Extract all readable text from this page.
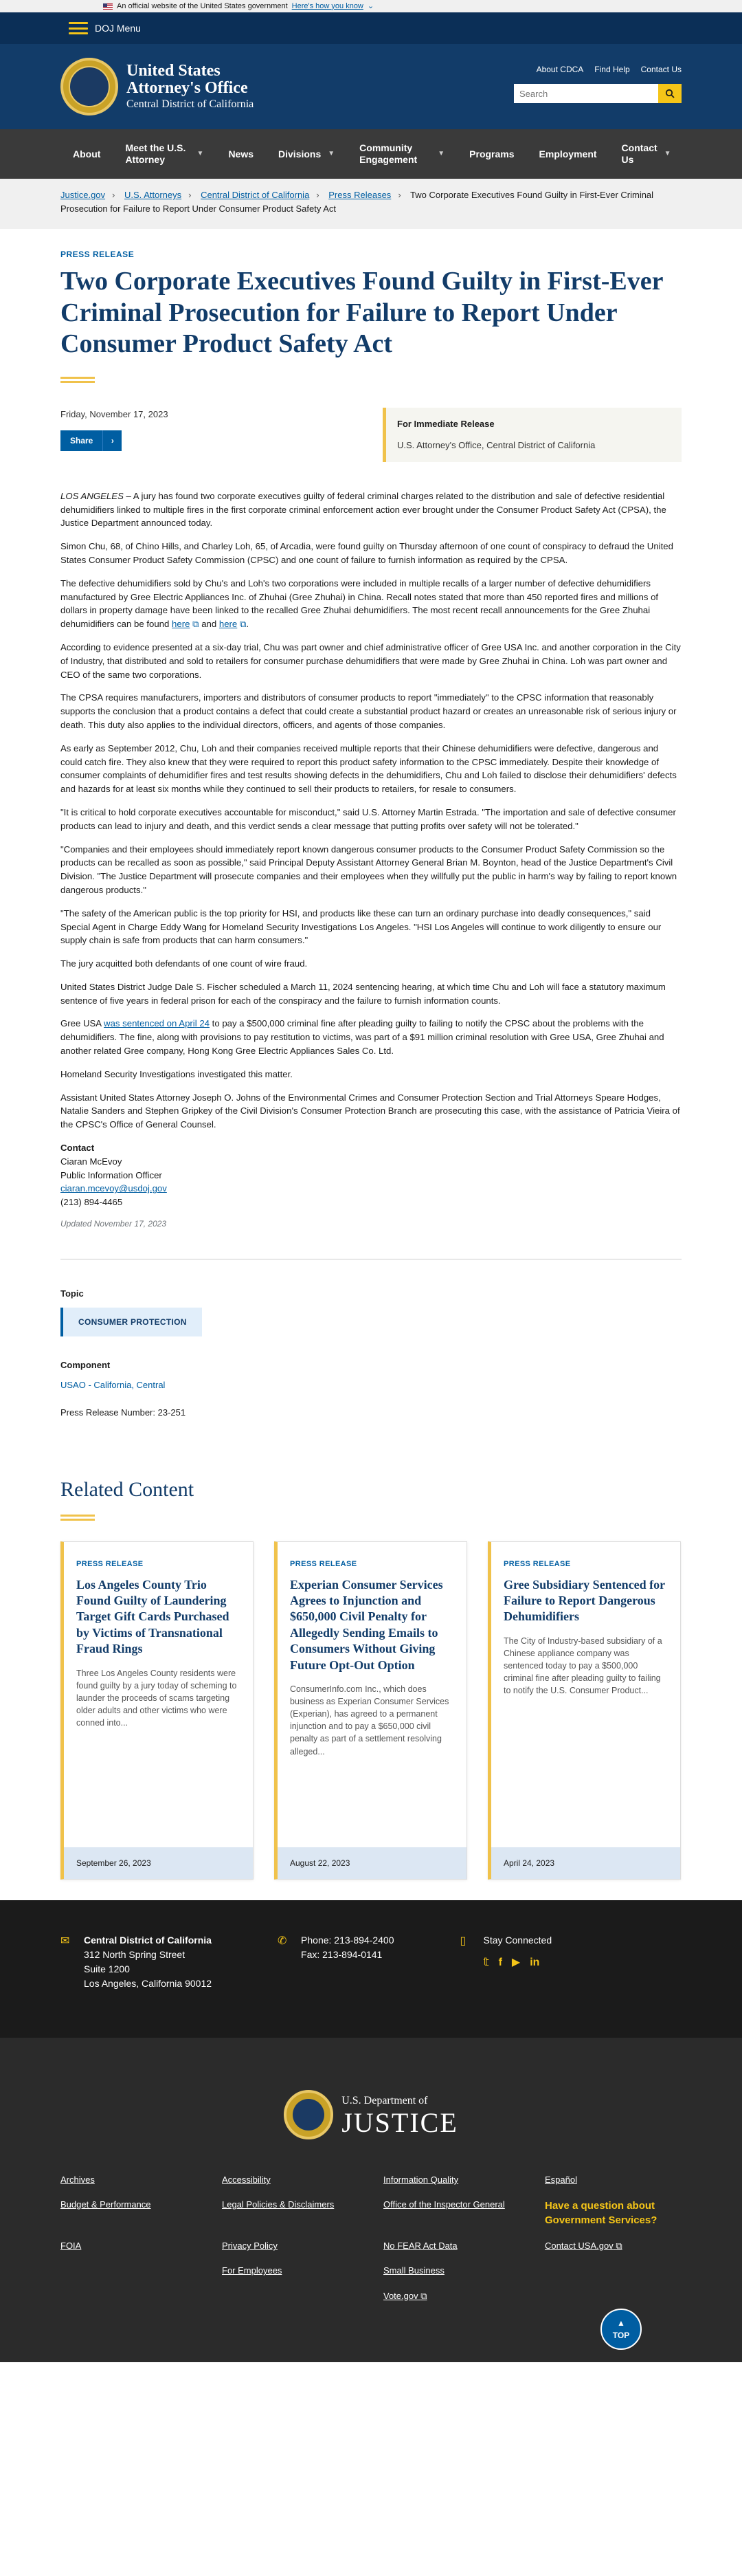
An official website of the United States government Here's how you know ⌄
DOJ Menu
United States
Attorney's Office
Central District of California
About CDCA Find Help Contact Us
Search
About
Meet the U.S. Attorney
▼	News	Divisions ▼
Community Engagement
▼	Programs	Employment
Contact Us
▼
Justice.gov › U.S. Attorneys › Central District of California › Press Releases › Two Corporate Executives Found Guilty in First-Ever Criminal Prosecution for Failure to Report Under Consumer Product Safety Act
PRESS RELEASE
Two Corporate Executives Found Guilty in First-Ever Criminal Prosecution for Failure to Report Under Consumer Product Safety Act
Friday, November 17, 2023
Share	›
For Immediate Release
U.S. Attorney's Office, Central District of California

LOS ANGELES – A jury has found two corporate executives guilty of federal criminal charges related to the distribution and sale of defective residential dehumidifiers linked to multiple fires in the first corporate criminal enforcement action ever brought under the Consumer Product Safety Act (CPSA), the Justice Department announced today.

Simon Chu, 68, of Chino Hills, and Charley Loh, 65, of Arcadia, were found guilty on Thursday afternoon of one count of conspiracy to defraud the United States Consumer Product Safety Commission (CPSC) and one count of failure to furnish information as required by the CPSA.

The defective dehumidifiers sold by Chu's and Loh's two corporations were included in multiple recalls of a larger number of defective dehumidifiers manufactured by Gree Electric Appliances Inc. of Zhuhai (Gree Zhuhai) in China. Recall notes stated that more than 450 reported fires and millions of dollars in property damage have been linked to the recalled Gree Zhuhai dehumidifiers. The most recent recall announcements for the Gree Zhuhai dehumidifiers can be found here ⧉ and here ⧉.

According to evidence presented at a six-day trial, Chu was part owner and chief administrative officer of Gree USA Inc. and another corporation in the City of Industry, that distributed and sold to retailers for consumer purchase dehumidifiers that were made by Gree Zhuhai in China. Loh was part owner and CEO of the same two corporations.

The CPSA requires manufacturers, importers and distributors of consumer products to report "immediately" to the CPSC information that reasonably supports the conclusion that a product contains a defect that could create a substantial product hazard or creates an unreasonable risk of serious injury or death. This duty also applies to the individual directors, officers, and agents of those companies.

As early as September 2012, Chu, Loh and their companies received multiple reports that their Chinese dehumidifiers were defective, dangerous and could catch fire. They also knew that they were required to report this product safety information to the CPSC immediately. Despite their knowledge of consumer complaints of dehumidifier fires and test results showing defects in the dehumidifiers, Chu and Loh failed to disclose their dehumidifiers' defects and hazards for at least six months while they continued to sell their products to retailers, for resale to consumers.

"It is critical to hold corporate executives accountable for misconduct," said U.S. Attorney Martin Estrada. "The importation and sale of defective consumer products can lead to injury and death, and this verdict sends a clear message that putting profits over safety will not be tolerated."

"Companies and their employees should immediately report known dangerous consumer products to the Consumer Product Safety Commission so the products can be recalled as soon as possible," said Principal Deputy Assistant Attorney General Brian M. Boynton, head of the Justice Department's Civil Division. "The Justice Department will prosecute companies and their employees when they willfully put the public in harm's way by failing to report known dangerous products."

"The safety of the American public is the top priority for HSI, and products like these can turn an ordinary purchase into deadly consequences," said Special Agent in Charge Eddy Wang for Homeland Security Investigations Los Angeles. "HSI Los Angeles will continue to work diligently to ensure our supply chain is safe from products that can harm consumers."

The jury acquitted both defendants of one count of wire fraud.

United States District Judge Dale S. Fischer scheduled a March 11, 2024 sentencing hearing, at which time Chu and Loh will face a statutory maximum sentence of five years in federal prison for each of the conspiracy and the failure to furnish information counts.

Gree USA was sentenced on April 24 to pay a $500,000 criminal fine after pleading guilty to failing to notify the CPSC about the problems with the dehumidifiers. The fine, along with provisions to pay restitution to victims, was part of a $91 million criminal resolution with Gree USA, Gree Zhuhai and another related Gree company, Hong Kong Gree Electric Appliances Sales Co. Ltd.

Homeland Security Investigations investigated this matter.

Assistant United States Attorney Joseph O. Johns of the Environmental Crimes and Consumer Protection Section and Trial Attorneys Speare Hodges, Natalie Sanders and Stephen Gripkey of the Civil Division's Consumer Protection Branch are prosecuting this case, with the assistance of Patricia Vieira of the CPSC's Office of General Counsel.

Contact
Ciaran McEvoy
Public Information Officer
ciaran.mcevoy@usdoj.gov
(213) 894-4465
Updated November 17, 2023
Topic
CONSUMER PROTECTION
Component
USAO - California, Central
Press Release Number: 23-251
Related Content
PRESS RELEASE
Los Angeles County Trio Found Guilty of Laundering Target Gift Cards Purchased by Victims of Transnational Fraud Rings
Three Los Angeles County residents were found guilty by a jury today of scheming to launder the proceeds of scams targeting older adults and other victims who were conned into...
September 26, 2023
PRESS RELEASE
Experian Consumer Services Agrees to Injunction and $650,000 Civil Penalty for Allegedly Sending Emails to Consumers Without Giving Future Opt-Out Option
ConsumerInfo.com Inc., which does business as Experian Consumer Services (Experian), has agreed to a permanent injunction and to pay a $650,000 civil penalty as part of a settlement resolving alleged...
August 22, 2023
PRESS RELEASE
Gree Subsidiary Sentenced for Failure to Report Dangerous Dehumidifiers
The City of Industry-based subsidiary of a Chinese appliance company was sentenced today to pay a $500,000 criminal fine after pleading guilty to failing to notify the U.S. Consumer Product...
April 24, 2023
✉	Central District of California
312 North Spring Street
Suite 1200
Los Angeles, California 90012
✆	Phone: 213-894-2400
Fax: 213-894-0141
▯	Stay Connected
𝕥 f ▶ in
U.S. Department of
JUSTICE
Archives	Accessibility	Information Quality	Español
Budget & Performance	Legal Policies & Disclaimers	Office of the Inspector General	Have a question about Government Services?
FOIA	Privacy Policy	No FEAR Act Data	Contact USA.gov ⧉
For Employees	Small Business
Vote.gov ⧉
▲
TOP
